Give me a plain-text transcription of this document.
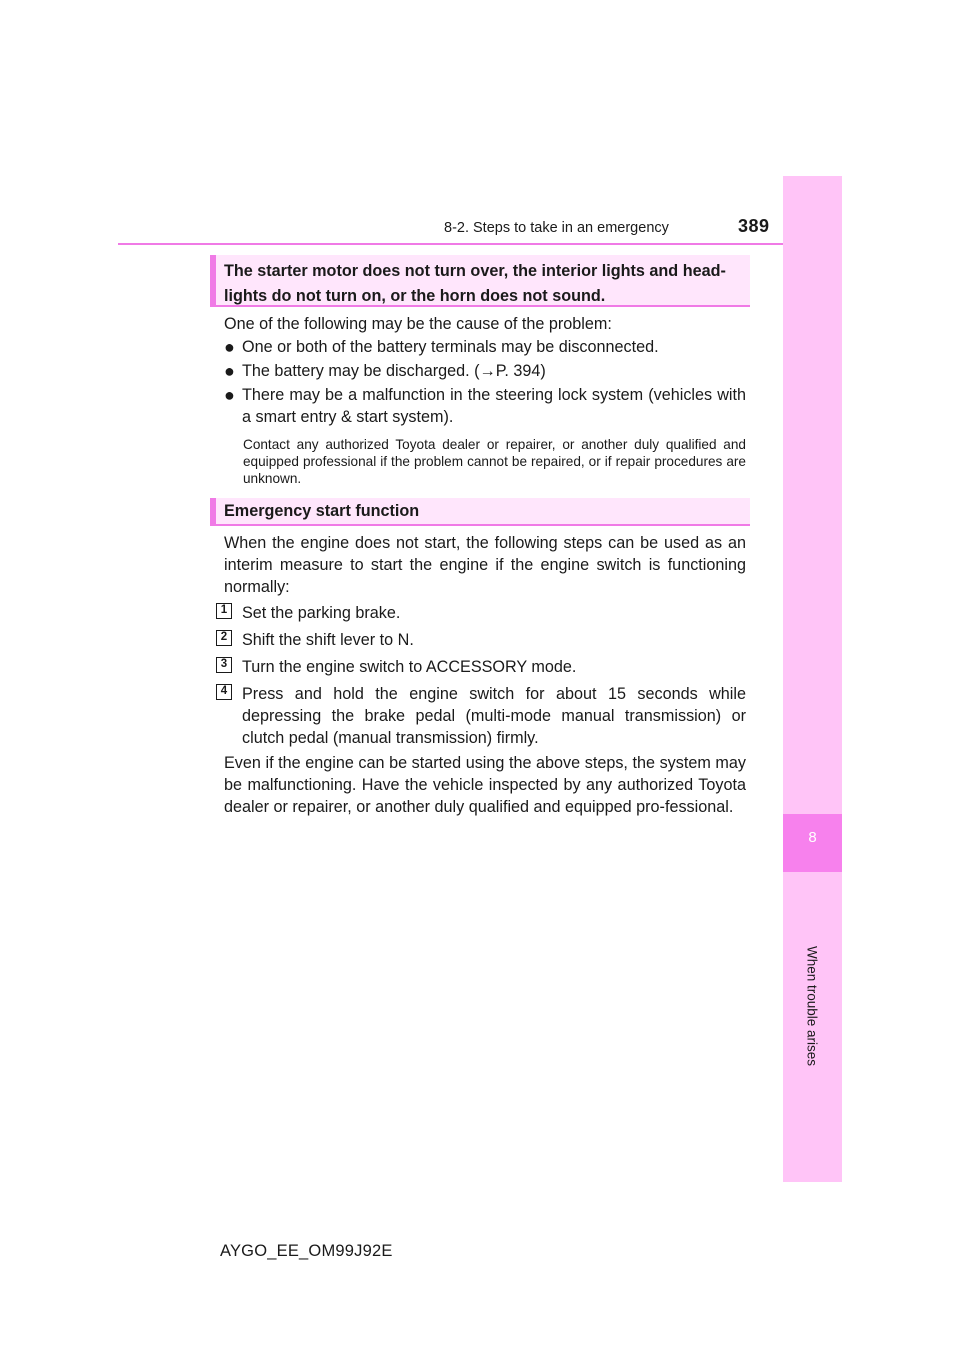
8-2. Steps to take in an emergency	389
8
When trouble arises
The starter motor does not turn over, the interior lights and head-
lights do not turn on, or the horn does not sound.
One of the following may be the cause of the problem:
● One or both of the battery terminals may be disconnected.
● The battery may be discharged. (→P. 394)
● There may be a malfunction in the steering lock system (vehicles with a smart entry & start system).
Contact any authorized Toyota dealer or repairer, or another duly qualified and equipped professional if the problem cannot be repaired, or if repair procedures are unknown.
Emergency start function
When the engine does not start, the following steps can be used as an interim measure to start the engine if the engine switch is functioning normally:
1 Set the parking brake.
2 Shift the shift lever to N.
3 Turn the engine switch to ACCESSORY mode.
4 Press and hold the engine switch for about 15 seconds while depressing the brake pedal (multi-mode manual transmission) or clutch pedal (manual transmission) firmly.
Even if the engine can be started using the above steps, the system may be malfunctioning. Have the vehicle inspected by any authorized Toyota dealer or repairer, or another duly qualified and equipped pro-fessional.
AYGO_EE_OM99J92E
